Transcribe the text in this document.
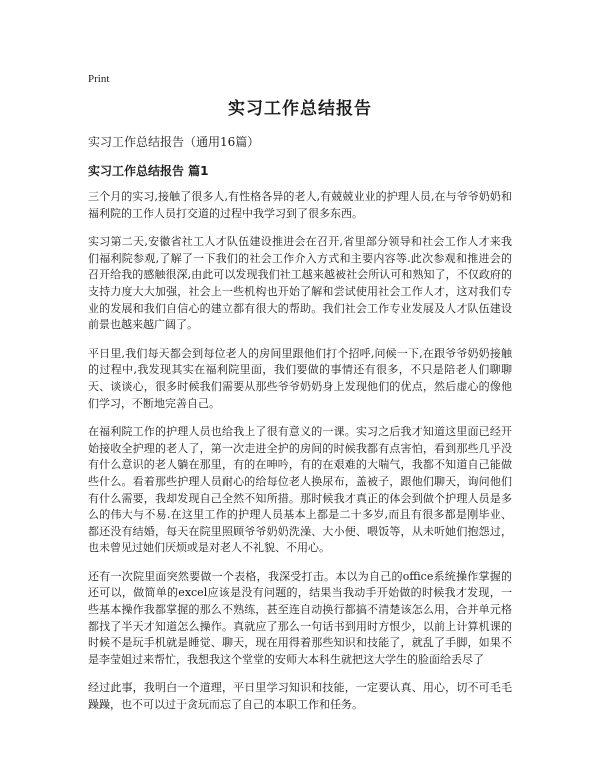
Print
实习工作总结报告
实习工作总结报告（通用16篇）
实习工作总结报告 篇1

三个月的实习,接触了很多人,有性格各异的老人,有兢兢业业的护理人员,在与爷爷奶奶和福利院的工作人员打交道的过程中我学习到了很多东西。

实习第二天,安徽省社工人才队伍建设推进会在召开,省里部分领导和社会工作人才来我们福利院参观,了解了一下我们的社会工作介入方式和主要内容等.此次参观和推进会的召开给我的感触很深,由此可以发现我们社工越来越被社会所认可和熟知了，不仅政府的支持力度大大加强，社会上一些机构也开始了解和尝试使用社会工作人才，这对我们专业的发展和我们自信心的建立都有很大的帮助。我们社会工作专业发展及人才队伍建设前景也越来越广阔了。

平日里,我们每天都会到每位老人的房间里跟他们打个招呼,问候一下,在跟爷爷奶奶接触的过程中,我发现其实在福利院里面，我们要做的事情还有很多，不只是陪老人们聊聊天、谈谈心，很多时候我们需要从那些爷爷奶奶身上发现他们的优点，然后虚心的像他们学习，不断地完善自己。

在福利院工作的护理人员也给我上了很有意义的一课。实习之后我才知道这里面已经开始接收全护理的老人了，第一次走进全护的房间的时候我都有点害怕，看到那些几乎没有什么意识的老人躺在那里，有的在呻吟，有的在艰难的大喘气，我都不知道自己能做些什么。看着那些护理人员耐心的给每位老人换尿布，盖被子，跟他们聊天，询问他们有什么需要，我却发现自己全然不知所措。那时候我才真正的体会到做个护理人员是多么的伟大与不易.在这里工作的护理人员基本上都是二十多岁,而且有很多都是刚毕业、都还没有结婚，每天在院里照顾爷爷奶奶洗澡、大小便、喂饭等，从未听她们抱怨过，也未曾见过她们厌烦或是对老人不礼貌、不用心。

还有一次院里面突然要做一个表格，我深受打击。本以为自己的office系统操作掌握的还可以，做简单的excel应该是没有问题的，结果当我动手开始做的时候我才发现，一些基本操作我都掌握的那么不熟练，甚至连自动换行都搞不清楚该怎么用，合并单元格都找了半天才知道怎么操作。真就应了那么一句话书到用时方恨少，以前上计算机课的时候不是玩手机就是睡觉、聊天，现在用得着那些知识和技能了，就乱了手脚，如果不是李莹姐过来帮忙，我想我这个堂堂的安师大本科生就把这大学生的脸面给丢尽了

经过此事，我明白一个道理，平日里学习知识和技能，一定要认真、用心，切不可毛毛躁躁，也不可以过于贪玩而忘了自己的本职工作和任务。
